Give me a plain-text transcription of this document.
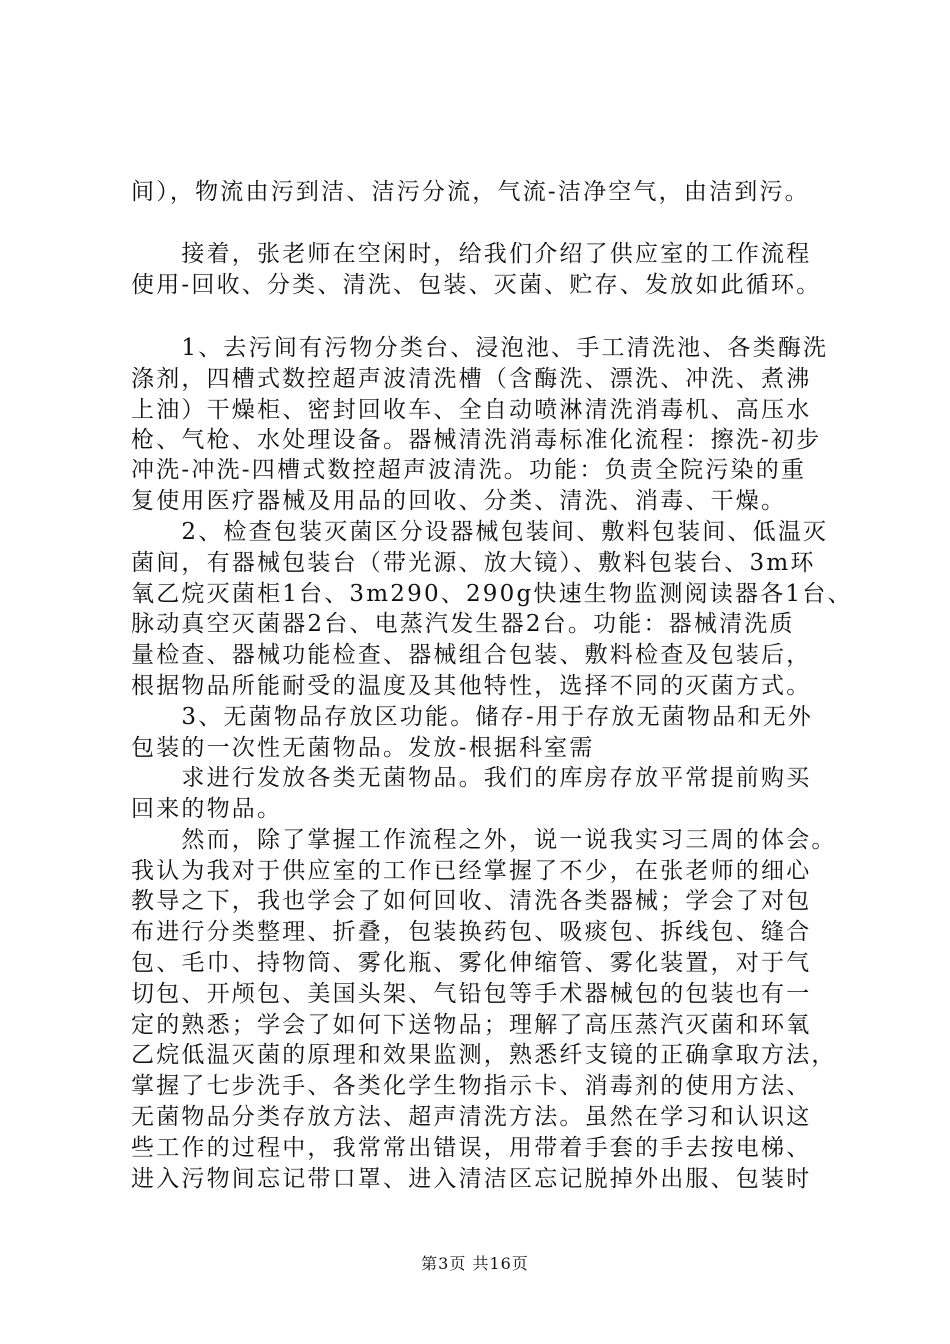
间），物流由污到洁、洁污分流，气流-洁净空气，由洁到污。
　　接着，张老师在空闲时，给我们介绍了供应室的工作流程
使用-回收、分类、清洗、包装、灭菌、贮存、发放如此循环。
　　1、去污间有污物分类台、浸泡池、手工清洗池、各类酶洗
涤剂，四槽式数控超声波清洗槽（含酶洗、漂洗、冲洗、煮沸
上油）干燥柜、密封回收车、全自动喷淋清洗消毒机、高压水
枪、气枪、水处理设备。器械清洗消毒标准化流程：擦洗-初步
冲洗-冲洗-四槽式数控超声波清洗。功能：负责全院污染的重
复使用医疗器械及用品的回收、分类、清洗、消毒、干燥。
　　2、检查包装灭菌区分设器械包装间、敷料包装间、低温灭
菌间，有器械包装台（带光源、放大镜）、敷料包装台、3m环
氧乙烷灭菌柜1台、3m290、290g快速生物监测阅读器各1台、
脉动真空灭菌器2台、电蒸汽发生器2台。功能：器械清洗质
量检查、器械功能检查、器械组合包装、敷料检查及包装后，
根据物品所能耐受的温度及其他特性，选择不同的灭菌方式。
　　3、无菌物品存放区功能。储存-用于存放无菌物品和无外
包装的一次性无菌物品。发放-根据科室需
　　求进行发放各类无菌物品。我们的库房存放平常提前购买
回来的物品。
　　然而，除了掌握工作流程之外，说一说我实习三周的体会。
我认为我对于供应室的工作已经掌握了不少，在张老师的细心
教导之下，我也学会了如何回收、清洗各类器械；学会了对包
布进行分类整理、折叠，包装换药包、吸痰包、拆线包、缝合
包、毛巾、持物筒、雾化瓶、雾化伸缩管、雾化装置，对于气
切包、开颅包、美国头架、气铅包等手术器械包的包装也有一
定的熟悉；学会了如何下送物品；理解了高压蒸汽灭菌和环氧
乙烷低温灭菌的原理和效果监测，熟悉纤支镜的正确拿取方法，
掌握了七步洗手、各类化学生物指示卡、消毒剂的使用方法、
无菌物品分类存放方法、超声清洗方法。虽然在学习和认识这
些工作的过程中，我常常出错误，用带着手套的手去按电梯、
进入污物间忘记带口罩、进入清洁区忘记脱掉外出服、包装时
第3页 共16页
